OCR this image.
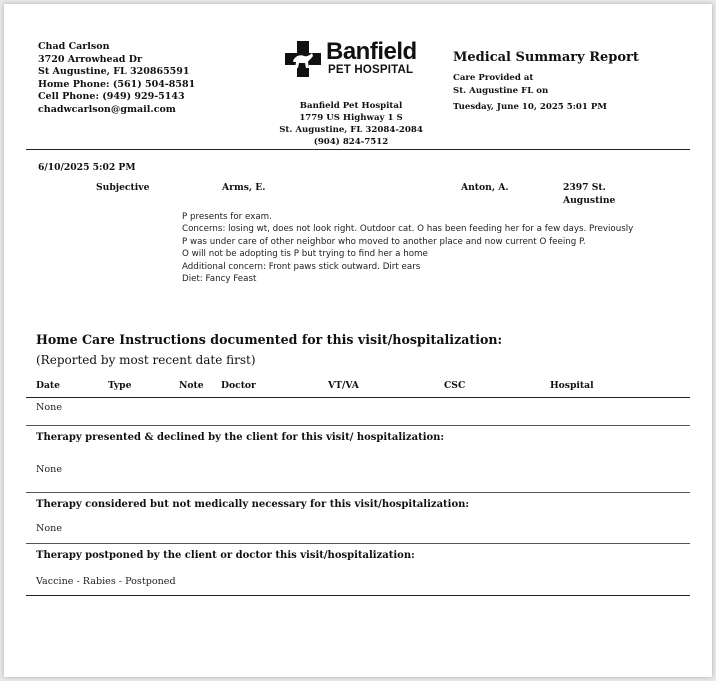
Chad Carlson
3720 Arrowhead Dr
St Augustine, FL 320865591
Home Phone: (561) 504-8581
Cell Phone: (949) 929-5143
chadwcarlson@gmail.com
Banfield
PET HOSPITAL
Banfield Pet Hospital
1779 US Highway 1 S
St. Augustine, FL 32084-2084
(904) 824-7512
Medical Summary Report
Care Provided at
St. Augustine FL on
Tuesday, June 10, 2025 5:01 PM
6/10/2025 5:02 PM
Subjective	Arms, E.	Anton, A.	2397 St.
Augustine
P presents for exam.
Concerns: losing wt, does not look right. Outdoor cat. O has been feeding her for a few days. Previously
P was under care of other neighbor who moved to another place and now current O feeing P.
O will not be adopting tis P but trying to find her a home
Additional concern: Front paws stick outward. Dirt ears
Diet: Fancy Feast
Home Care Instructions documented for this visit/hospitalization:
(Reported by most recent date first)
Date	Type	Note Doctor	VT/VA	CSC	Hospital
None
Therapy presented & declined by the client for this visit/ hospitalization:
None
Therapy considered but not medically necessary for this visit/hospitalization:
None
Therapy postponed by the client or doctor this visit/hospitalization:
Vaccine - Rabies - Postponed
